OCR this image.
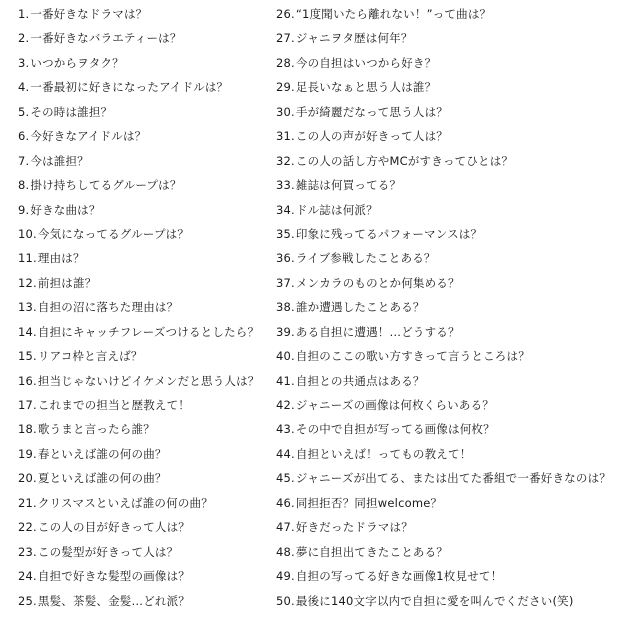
1.一番好きなドラマは？
2.一番好きなバラエティーは？
3.いつからヲタク？
4.一番最初に好きになったアイドルは？
5.その時は誰担？
6.今好きなアイドルは？
7.今は誰担？
8.掛け持ちしてるグループは？
9.好きな曲は？
10.今気になってるグループは？
11.理由は？
12.前担は誰？
13.自担の沼に落ちた理由は？
14.自担にキャッチフレーズつけるとしたら？
15.リアコ枠と言えば？
16.担当じゃないけどイケメンだと思う人は？
17.これまでの担当と歴教えて！
18.歌うまと言ったら誰？
19.春といえば誰の何の曲？
20.夏といえば誰の何の曲？
21.クリスマスといえば誰の何の曲？
22.この人の目が好きって人は？
23.この髪型が好きって人は？
24.自担で好きな髪型の画像は？
25.黒髪、茶髪、金髪…どれ派？
26.“1度聞いたら離れない！”って曲は？
27.ジャニヲタ歴は何年？
28.今の自担はいつから好き？
29.足長いなぁと思う人は誰？
30.手が綺麗だなって思う人は？
31.この人の声が好きって人は？
32.この人の話し方やMCがすきってひとは？
33.雑誌は何買ってる？
34.ドル誌は何派？
35.印象に残ってるパフォーマンスは？
36.ライブ参戦したことある？
37.メンカラのものとか何集める？
38.誰か遭遇したことある？
39.ある自担に遭遇！…どうする？
40.自担のここの歌い方すきって言うところは？
41.自担との共通点はある？
42.ジャニーズの画像は何枚くらいある？
43.その中で自担が写ってる画像は何枚？
44.自担といえば！ってもの教えて！
45.ジャニーズが出てる、または出てた番組で一番好きなのは？
46.同担拒否？同担welcome？
47.好きだったドラマは？
48.夢に自担出てきたことある？
49.自担の写ってる好きな画像1枚見せて！
50.最後に140文字以内で自担に愛を叫んでください(笑)
